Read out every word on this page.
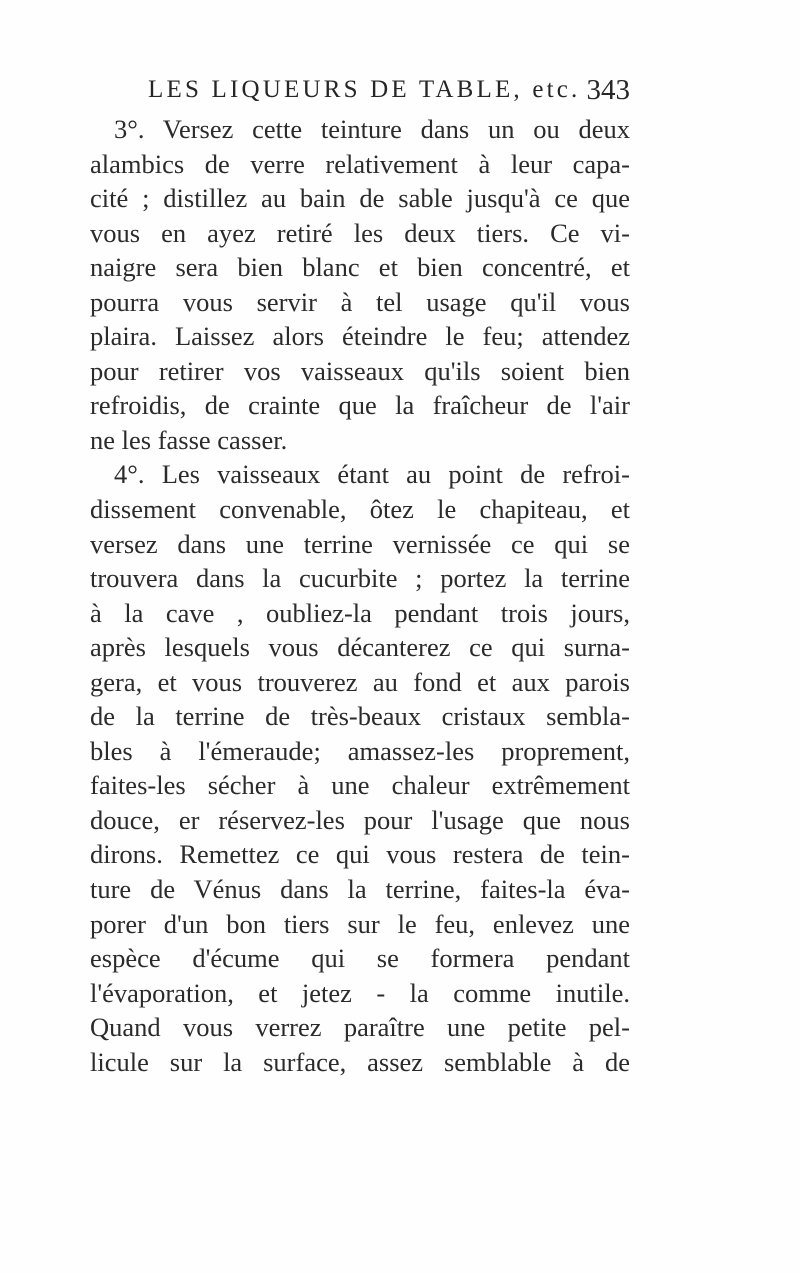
LES LIQUEURS DE TABLE, etc. 343
3°. Versez cette teinture dans un ou deux
alambics de verre relativement à leur capa-
cité ; distillez au bain de sable jusqu'à ce que
vous en ayez retiré les deux tiers. Ce vi-
naigre sera bien blanc et bien concentré, et
pourra vous servir à tel usage qu'il vous
plaira. Laissez alors éteindre le feu; attendez
pour retirer vos vaisseaux qu'ils soient bien
refroidis, de crainte que la fraîcheur de l'air
ne les fasse casser.
4°. Les vaisseaux étant au point de refroi-
dissement convenable, ôtez le chapiteau, et
versez dans une terrine vernissée ce qui se
trouvera dans la cucurbite ; portez la terrine
à la cave , oubliez-la pendant trois jours,
après lesquels vous décanterez ce qui surna-
gera, et vous trouverez au fond et aux parois
de la terrine de très-beaux cristaux sembla-
bles à l'émeraude; amassez-les proprement,
faites-les sécher à une chaleur extrêmement
douce, er réservez-les pour l'usage que nous
dirons. Remettez ce qui vous restera de tein-
ture de Vénus dans la terrine, faites-la éva-
porer d'un bon tiers sur le feu, enlevez une
espèce d'écume qui se formera pendant
l'évaporation, et jetez - la comme inutile.
Quand vous verrez paraître une petite pel-
licule sur la surface, assez semblable à de
